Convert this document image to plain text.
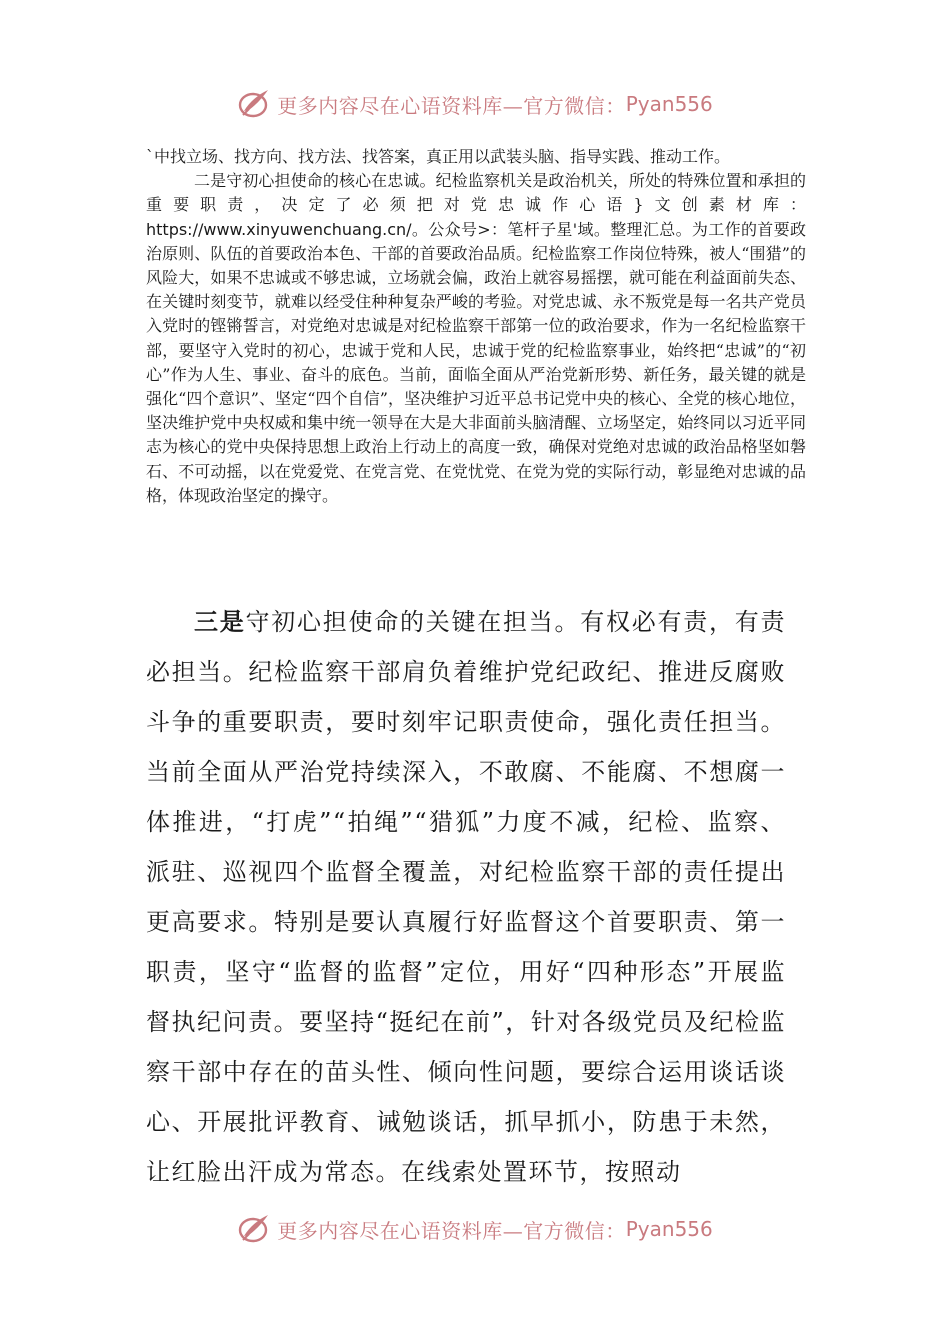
更多内容尽在心语资料库—官方微信： Pyan556

`中找立场、找方向、找方法、找答案，真正用以武装头脑、指导实践、推动工作。

二是守初心担使命的核心在忠诚。纪检监察机关是政治机关，所处的特殊位置和承担的重要职责，决定了必须把对党忠诚作心语}文创素材库：https://www.xinyuwenchuang.cn/。公众号>：笔杆子星'域。整理汇总。为工作的首要政治原则、队伍的首要政治本色、干部的首要政治品质。纪检监察工作岗位特殊，被人“围猎”的风险大，如果不忠诚或不够忠诚，立场就会偏，政治上就容易摇摆，就可能在利益面前失态、在关键时刻变节，就难以经受住种种复杂严峻的考验。对党忠诚、永不叛党是每一名共产党员入党时的铿锵誓言，对党绝对忠诚是对纪检监察干部第一位的政治要求，作为一名纪检监察干部，要坚守入党时的初心，忠诚于党和人民，忠诚于党的纪检监察事业，始终把“忠诚”的“初心”作为人生、事业、奋斗的底色。当前，面临全面从严治党新形势、新任务，最关键的就是强化“四个意识”、坚定“四个自信”，坚决维护习近平总书记党中央的核心、全党的核心地位，坚决维护党中央权威和集中统一领导在大是大非面前头脑清醒、立场坚定，始终同以习近平同志为核心的党中央保持思想上政治上行动上的高度一致，确保对党绝对忠诚的政治品格坚如磐石、不可动摇，以在党爱党、在党言党、在党忧党、在党为党的实际行动，彰显绝对忠诚的品格，体现政治坚定的操守。

三是守初心担使命的关键在担当。有权必有责，有责必担当。纪检监察干部肩负着维护党纪政纪、推进反腐败斗争的重要职责，要时刻牢记职责使命，强化责任担当。当前全面从严治党持续深入，不敢腐、不能腐、不想腐一体推进，“打虎”“拍绳”“猎狐”力度不减，纪检、监察、派驻、巡视四个监督全覆盖，对纪检监察干部的责任提出更高要求。特别是要认真履行好监督这个首要职责、第一职责，坚守“监督的监督”定位，用好“四种形态”开展监督执纪问责。要坚持“挺纪在前”，针对各级党员及纪检监察干部中存在的苗头性、倾向性问题，要综合运用谈话谈心、开展批评教育、诫勉谈话，抓早抓小，防患于未然，让红脸出汗成为常态。在线索处置环节，按照动

更多内容尽在心语资料库—官方微信： Pyan556
